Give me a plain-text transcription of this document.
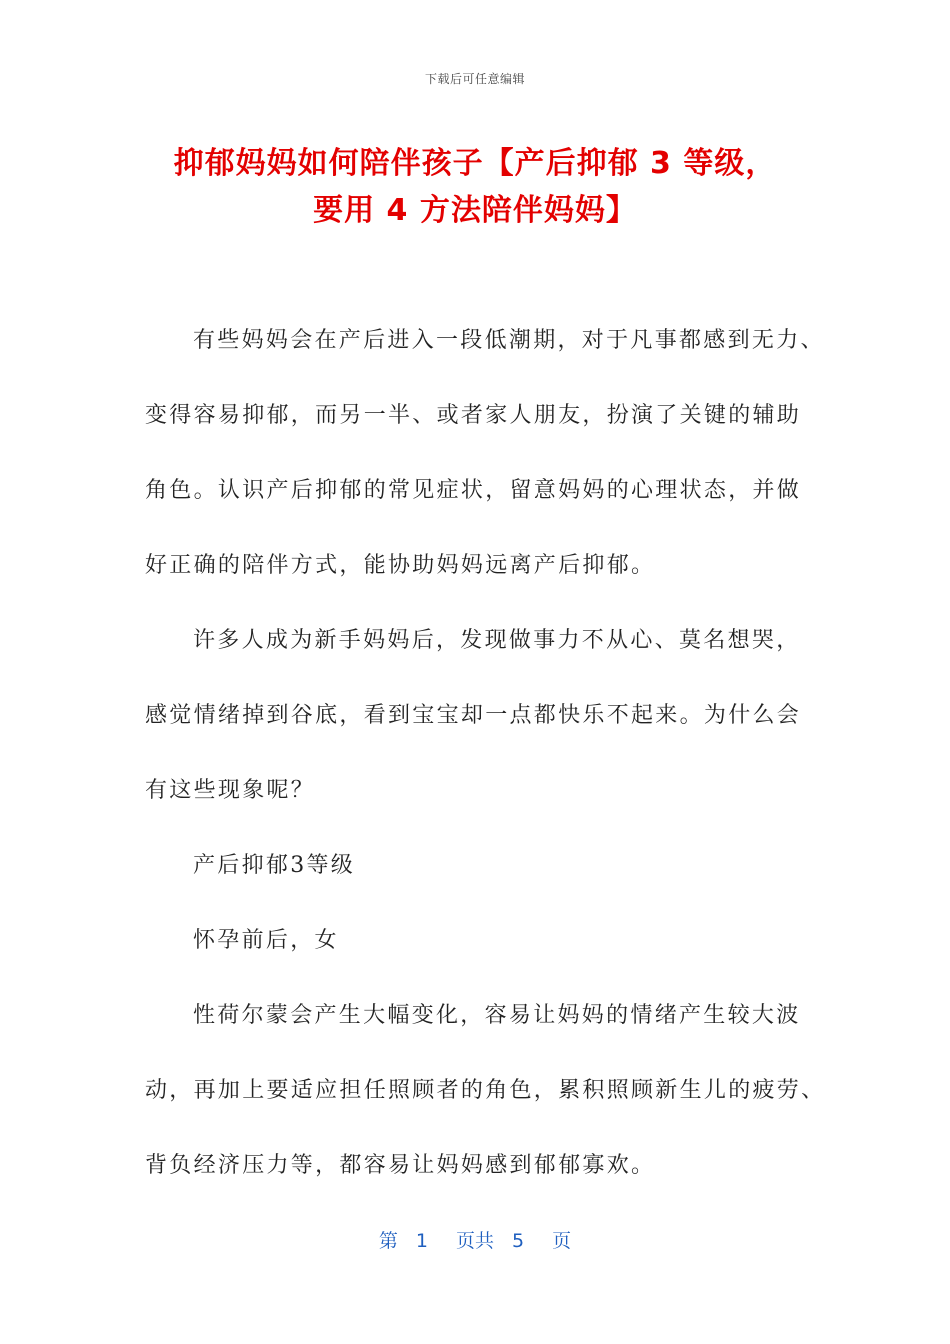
下载后可任意编辑
抑郁妈妈如何陪伴孩子【产后抑郁 3 等级，
要用 4 方法陪伴妈妈】
有些妈妈会在产后进入一段低潮期，对于凡事都感到无力、
变得容易抑郁，而另一半、或者家人朋友，扮演了关键的辅助
角色。认识产后抑郁的常见症状，留意妈妈的心理状态，并做
好正确的陪伴方式，能协助妈妈远离产后抑郁。
许多人成为新手妈妈后，发现做事力不从心、莫名想哭，
感觉情绪掉到谷底，看到宝宝却一点都快乐不起来。为什么会
有这些现象呢？
产后抑郁3等级
怀孕前后，女
性荷尔蒙会产生大幅变化，容易让妈妈的情绪产生较大波
动，再加上要适应担任照顾者的角色，累积照顾新生儿的疲劳、
背负经济压力等，都容易让妈妈感到郁郁寡欢。
第 1 页共 5 页
